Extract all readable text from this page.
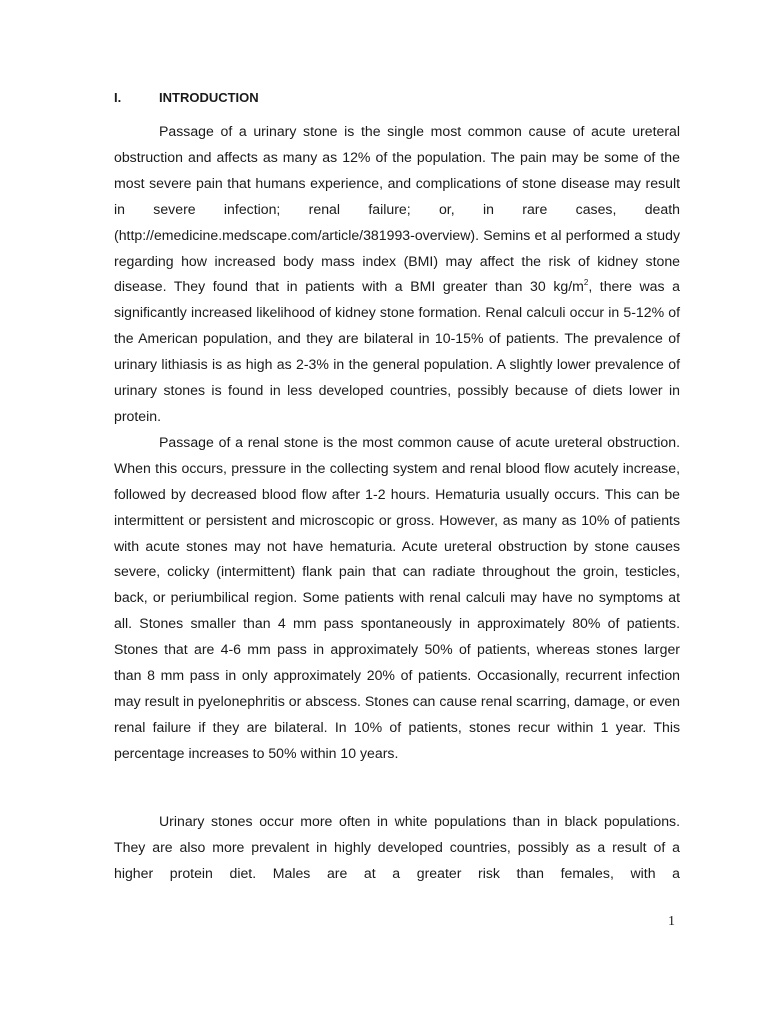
I.	INTRODUCTION

Passage of a urinary stone is the single most common cause of acute ureteral obstruction and affects as many as 12% of the population. The pain may be some of the most severe pain that humans experience, and complications of stone disease may result in severe infection; renal failure; or, in rare cases, death (http://emedicine.medscape.com/article/381993-overview). Semins et al performed a study regarding how increased body mass index (BMI) may affect the risk of kidney stone disease. They found that in patients with a BMI greater than 30 $kg/m^2$, there was a significantly increased likelihood of kidney stone formation. Renal calculi occur in 5-12% of the American population, and they are bilateral in 10-15% of patients. The prevalence of urinary lithiasis is as high as 2-3% in the general population. A slightly lower prevalence of urinary stones is found in less developed countries, possibly because of diets lower in protein.

Passage of a renal stone is the most common cause of acute ureteral obstruction. When this occurs, pressure in the collecting system and renal blood flow acutely increase, followed by decreased blood flow after 1-2 hours. Hematuria usually occurs. This can be intermittent or persistent and microscopic or gross. However, as many as 10% of patients with acute stones may not have hematuria. Acute ureteral obstruction by stone causes severe, colicky (intermittent) flank pain that can radiate throughout the groin, testicles, back, or periumbilical region. Some patients with renal calculi may have no symptoms at all. Stones smaller than 4 mm pass spontaneously in approximately 80% of patients. Stones that are 4-6 mm pass in approximately 50% of patients, whereas stones larger than 8 mm pass in only approximately 20% of patients. Occasionally, recurrent infection may result in pyelonephritis or abscess. Stones can cause renal scarring, damage, or even renal failure if they are bilateral. In 10% of patients, stones recur within 1 year. This percentage increases to 50% within 10 years.

Urinary stones occur more often in white populations than in black populations. They are also more prevalent in highly developed countries, possibly as a result of a higher protein diet. Males are at a greater risk than females, with a

1
